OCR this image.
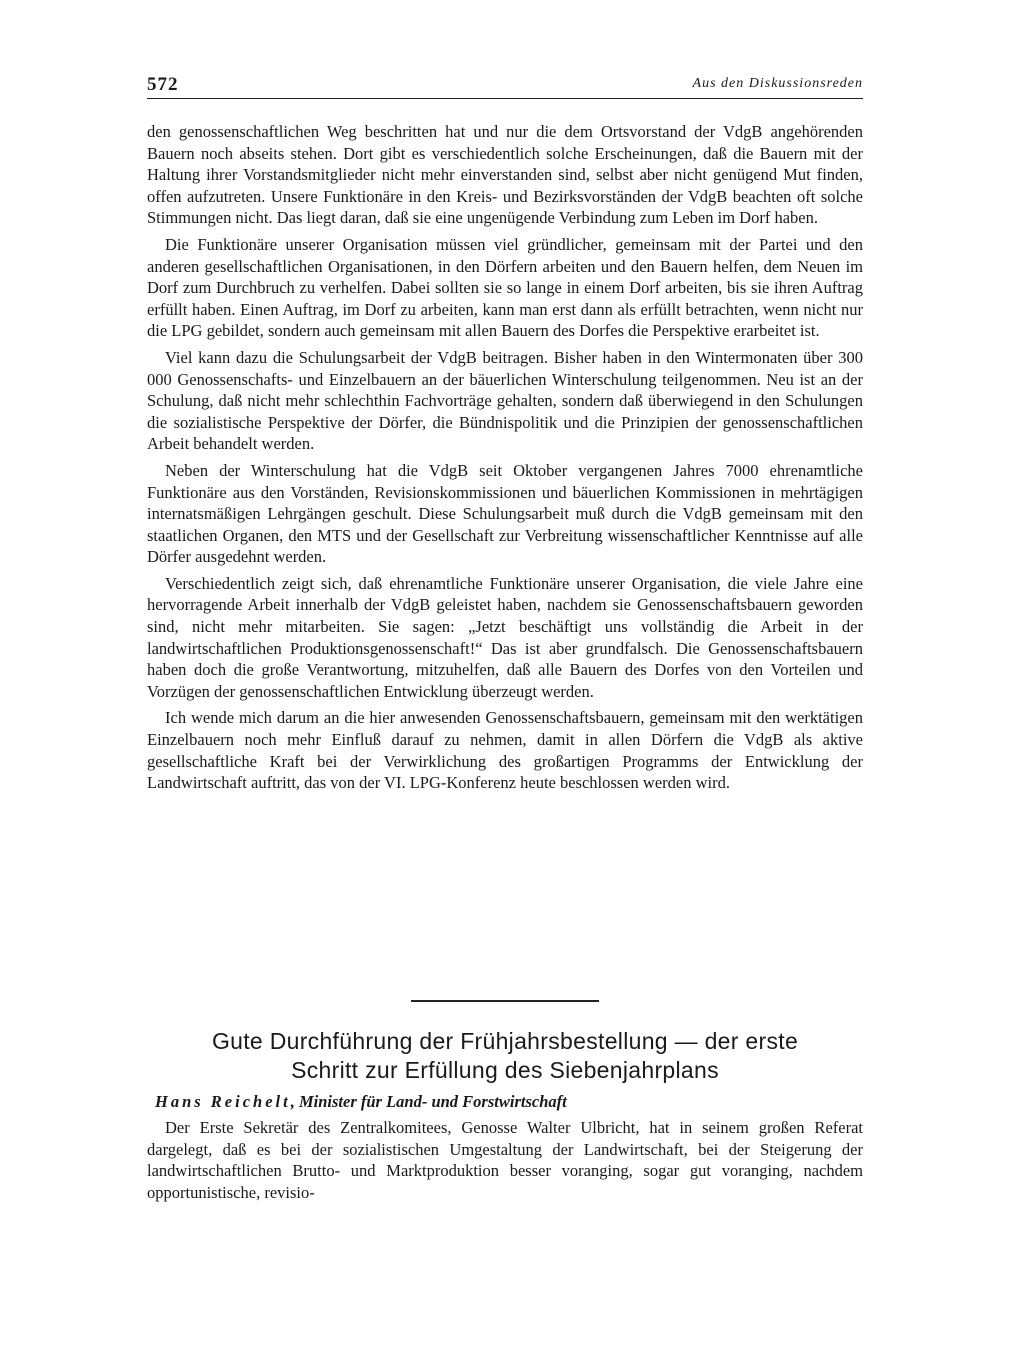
572	Aus den Diskussionsreden

den genossenschaftlichen Weg beschritten hat und nur die dem Ortsvorstand der VdgB angehörenden Bauern noch abseits stehen. Dort gibt es verschiedentlich solche Erscheinungen, daß die Bauern mit der Haltung ihrer Vorstandsmitglieder nicht mehr einverstanden sind, selbst aber nicht genügend Mut finden, offen aufzutreten. Unsere Funktionäre in den Kreis- und Bezirksvorständen der VdgB beachten oft solche Stimmungen nicht. Das liegt daran, daß sie eine ungenügende Verbindung zum Leben im Dorf haben.

Die Funktionäre unserer Organisation müssen viel gründlicher, gemeinsam mit der Partei und den anderen gesellschaftlichen Organisationen, in den Dörfern arbeiten und den Bauern helfen, dem Neuen im Dorf zum Durchbruch zu verhelfen. Dabei sollten sie so lange in einem Dorf arbeiten, bis sie ihren Auftrag erfüllt haben. Einen Auftrag, im Dorf zu arbeiten, kann man erst dann als erfüllt betrachten, wenn nicht nur die LPG gebildet, sondern auch gemeinsam mit allen Bauern des Dorfes die Perspektive erarbeitet ist.

Viel kann dazu die Schulungsarbeit der VdgB beitragen. Bisher haben in den Wintermonaten über 300 000 Genossenschafts- und Einzelbauern an der bäuerlichen Winterschulung teilgenommen. Neu ist an der Schulung, daß nicht mehr schlechthin Fachvorträge gehalten, sondern daß überwiegend in den Schulungen die sozialistische Perspektive der Dörfer, die Bündnispolitik und die Prinzipien der genossenschaftlichen Arbeit behandelt werden.

Neben der Winterschulung hat die VdgB seit Oktober vergangenen Jahres 7000 ehrenamtliche Funktionäre aus den Vorständen, Revisionskommissionen und bäuerlichen Kommissionen in mehrtägigen internatsmäßigen Lehrgängen geschult. Diese Schulungsarbeit muß durch die VdgB gemeinsam mit den staatlichen Organen, den MTS und der Gesellschaft zur Verbreitung wissenschaftlicher Kenntnisse auf alle Dörfer ausgedehnt werden.

Verschiedentlich zeigt sich, daß ehrenamtliche Funktionäre unserer Organisation, die viele Jahre eine hervorragende Arbeit innerhalb der VdgB geleistet haben, nachdem sie Genossenschaftsbauern geworden sind, nicht mehr mitarbeiten. Sie sagen: „Jetzt beschäftigt uns vollständig die Arbeit in der landwirtschaftlichen Produktionsgenossenschaft!“ Das ist aber grundfalsch. Die Genossenschaftsbauern haben doch die große Verantwortung, mitzuhelfen, daß alle Bauern des Dorfes von den Vorteilen und Vorzügen der genossenschaftlichen Entwicklung überzeugt werden.

Ich wende mich darum an die hier anwesenden Genossenschaftsbauern, gemeinsam mit den werktätigen Einzelbauern noch mehr Einfluß darauf zu nehmen, damit in allen Dörfern die VdgB als aktive gesellschaftliche Kraft bei der Verwirklichung des großartigen Programms der Entwicklung der Landwirtschaft auftritt, das von der VI. LPG-Konferenz heute beschlossen werden wird.

Gute Durchführung der Frühjahrsbestellung — der erste
Schritt zur Erfüllung des Siebenjahrplans
Hans Reichelt, Minister für Land- und Forstwirtschaft

Der Erste Sekretär des Zentralkomitees, Genosse Walter Ulbricht, hat in seinem großen Referat dargelegt, daß es bei der sozialistischen Umgestaltung der Landwirtschaft, bei der Steigerung der landwirtschaftlichen Brutto- und Marktproduktion besser voranging, sogar gut voranging, nachdem opportunistische, revisio-
